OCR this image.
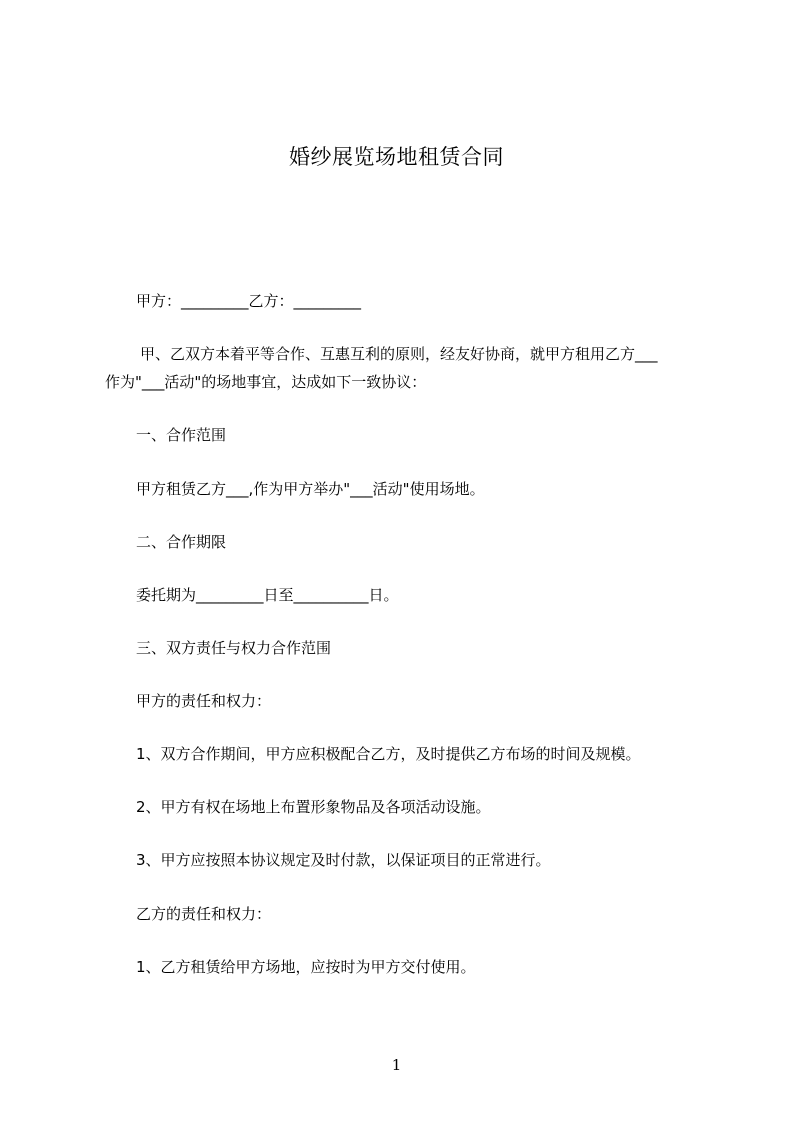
婚纱展览场地租赁合同
甲方：_________乙方：_________
甲、乙双方本着平等合作、互惠互利的原则，经友好协商，就甲方租用乙方___
作为"___活动"的场地事宜，达成如下一致协议：
一、合作范围
甲方租赁乙方___,作为甲方举办"___活动"使用场地。
二、合作期限
委托期为_________日至__________日。
三、双方责任与权力合作范围
甲方的责任和权力：
1、双方合作期间，甲方应积极配合乙方，及时提供乙方布场的时间及规模。
2、甲方有权在场地上布置形象物品及各项活动设施。
3、甲方应按照本协议规定及时付款，以保证项目的正常进行。
乙方的责任和权力：
1、乙方租赁给甲方场地，应按时为甲方交付使用。
1
